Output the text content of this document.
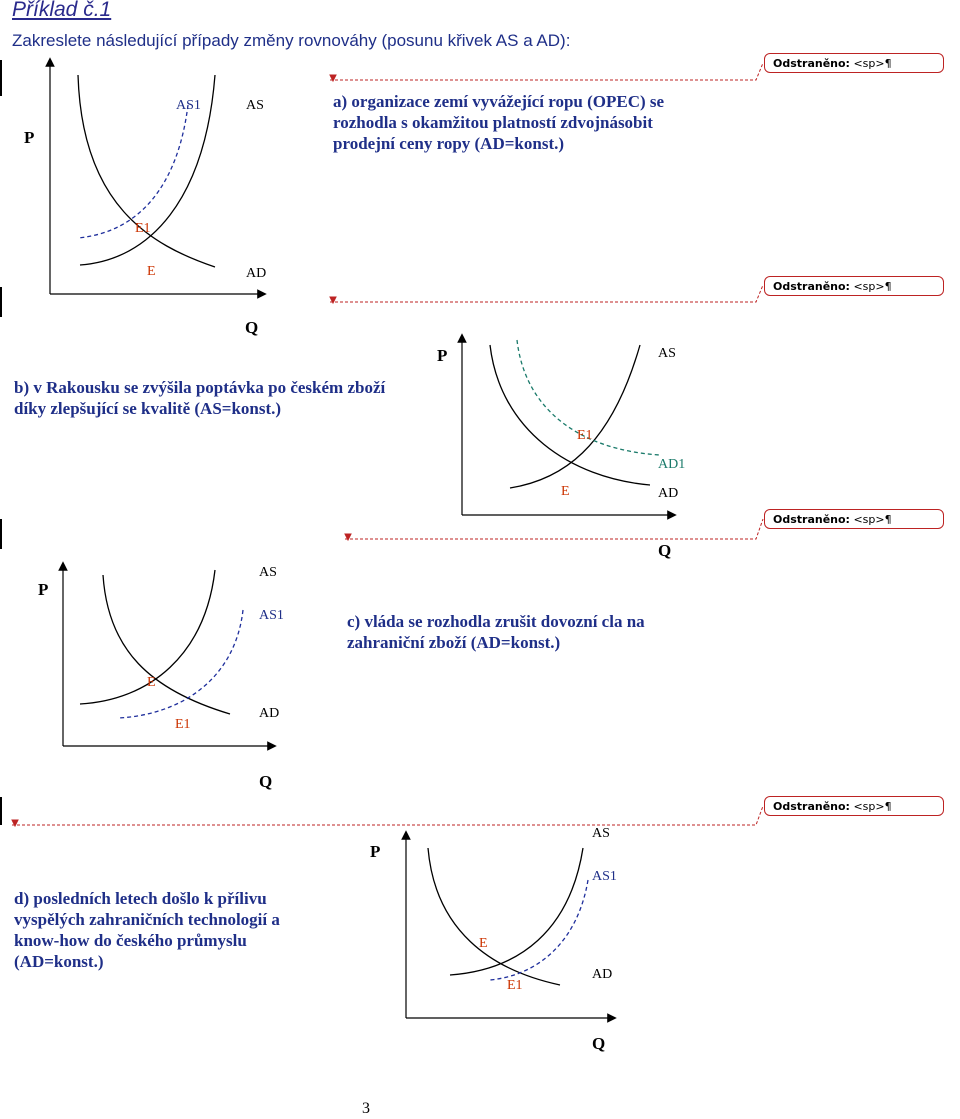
Příklad č.1
Zakreslete následující případy změny rovnováhy (posunu křivek AS a AD):
Odstraněno: <sp>¶
Odstraněno: <sp>¶
Odstraněno: <sp>¶
Odstraněno: <sp>¶
a) organizace zemí vyvážející ropu (OPEC) se rozhodla s okamžitou platností zdvojnásobit prodejní ceny ropy (AD=konst.)
P
Q
AS1	AS
E1
E	AD
b) v Rakousku se zvýšila poptávka po českém zboží díky zlepšující se kvalitě (AS=konst.)
P
Q
AS
E1
AD1
E	AD
c) vláda se rozhodla zrušit dovozní cla na zahraniční zboží (AD=konst.)
P
Q
AS
AS1
E
AD
E1
d) posledních letech došlo k přílivu vyspělých zahraničních technologií a know-how do českého průmyslu (AD=konst.)
P
Q
AS
AS1
E
AD
E1
3
